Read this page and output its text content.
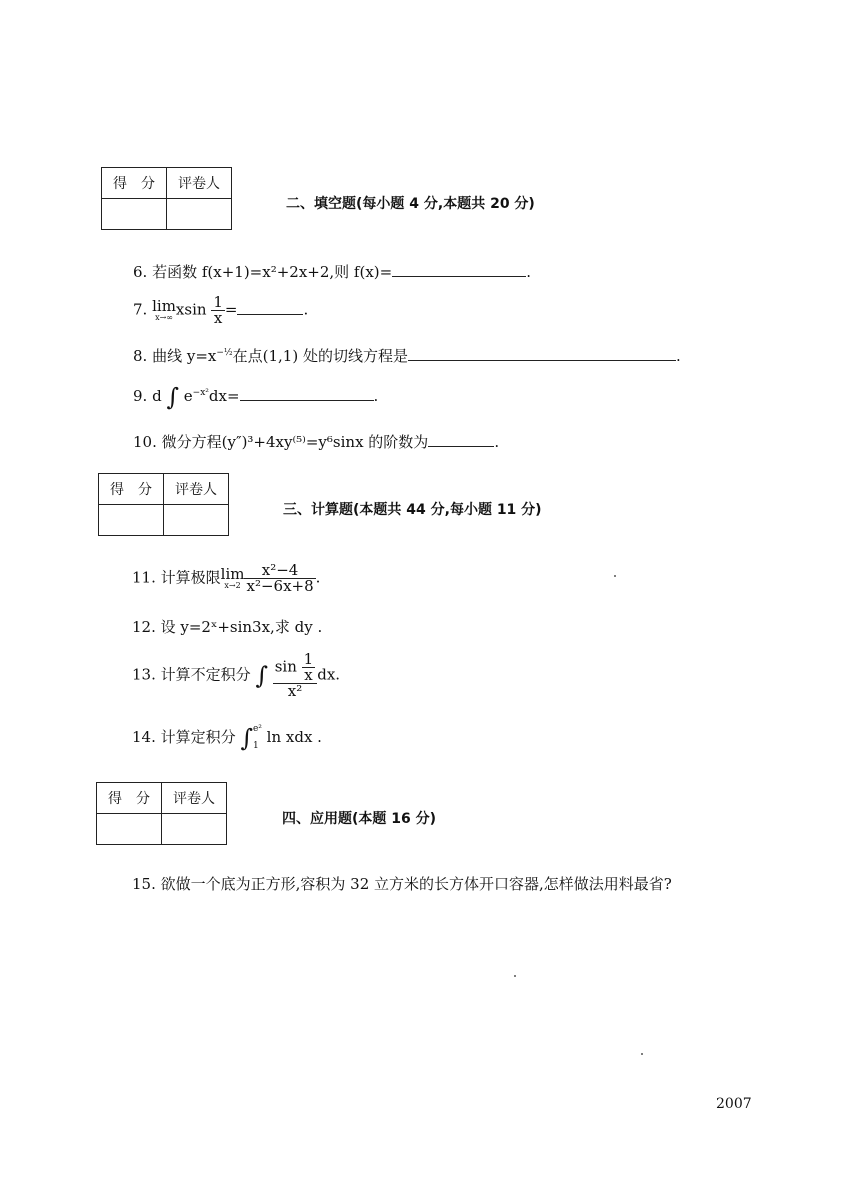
得　分	评卷人

二、填空题(每小题 4 分,本题共 20 分)
6. 若函数 f(x+1)=x²+2x+2,则 f(x)=	.
7. lim
x→∞ xsin $\frac{1}{x}$ =	.
8. 曲线 $y=x^{-\frac{1}{2}}$在点(1,1) 处的切线方程是	.
9. d ∫ $e^{-x^2}dx=$	.
10. 微分方程(y″)³+4xy⁽⁵⁾=y⁶sinx 的阶数为	.
得　分	评卷人

三、计算题(本题共 44 分,每小题 11 分)
11. 计算极限lim
$x\to 2 \frac{\text{x²−4}}{\text{x²−6x+8}}$ .
12. 设 y=2ˣ+sin3x,求 dy .
13. 计算不定积分 ∫ $\frac{\sin \frac{1}{x}}{\text{x²}}$ dx.
14. 计算定积分 ∫ e²
1 ln xdx .
得　分	评卷人

四、应用题(本题 16 分)
15. 欲做一个底为正方形,容积为 32 立方米的长方体开口容器,怎样做法用料最省?
2007
